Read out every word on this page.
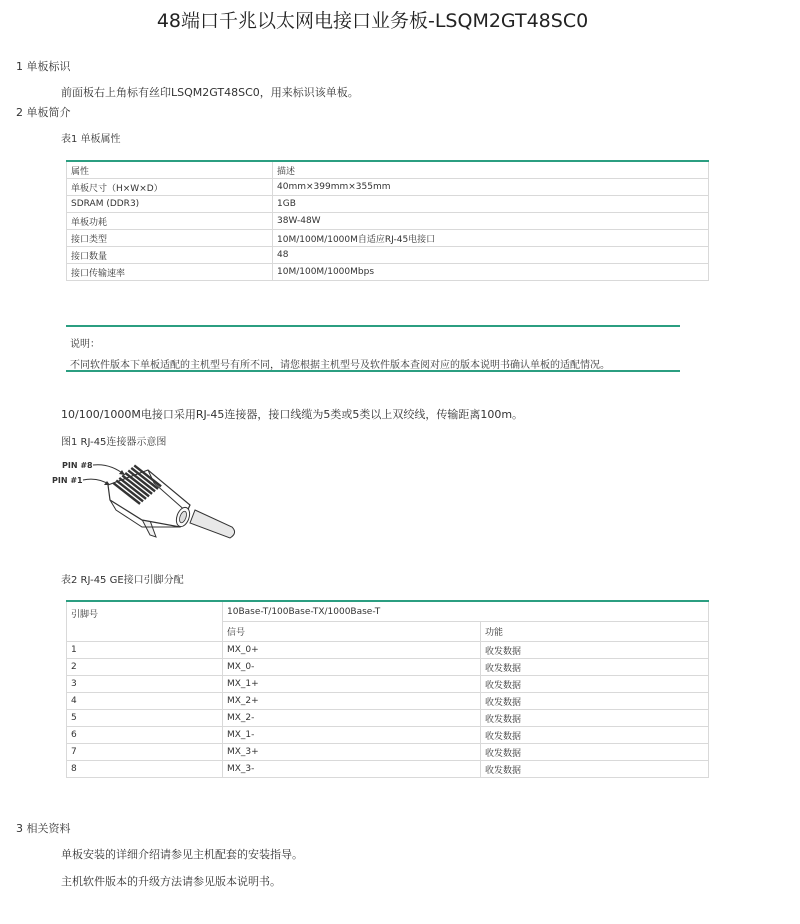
48端口千兆以太网电接口业务板-LSQM2GT48SC0
1 单板标识
前面板右上角标有丝印LSQM2GT48SC0，用来标识该单板。
2 单板简介
表1 单板属性
属性	描述
单板尺寸（H×W×D）	40mm×399mm×355mm
SDRAM (DDR3)	1GB
单板功耗	38W-48W
接口类型	10M/100M/1000M自适应RJ-45电接口
接口数量	48
接口传输速率	10M/100M/1000Mbps
说明：
不同软件版本下单板适配的主机型号有所不同，请您根据主机型号及软件版本查阅对应的版本说明书确认单板的适配情况。
10/100/1000M电接口采用RJ-45连接器，接口线缆为5类或5类以上双绞线，传输距离100m。
图1 RJ-45连接器示意图
PIN #8
PIN #1
表2 RJ-45 GE接口引脚分配
引脚号	10Base-T/100Base-TX/1000Base-T	
	信号	功能
1	MX_0+	收发数据
2	MX_0-	收发数据
3	MX_1+	收发数据
4	MX_2+	收发数据
5	MX_2-	收发数据
6	MX_1-	收发数据
7	MX_3+	收发数据
8	MX_3-	收发数据
3 相关资料
单板安装的详细介绍请参见主机配套的安装指导。
主机软件版本的升级方法请参见版本说明书。
